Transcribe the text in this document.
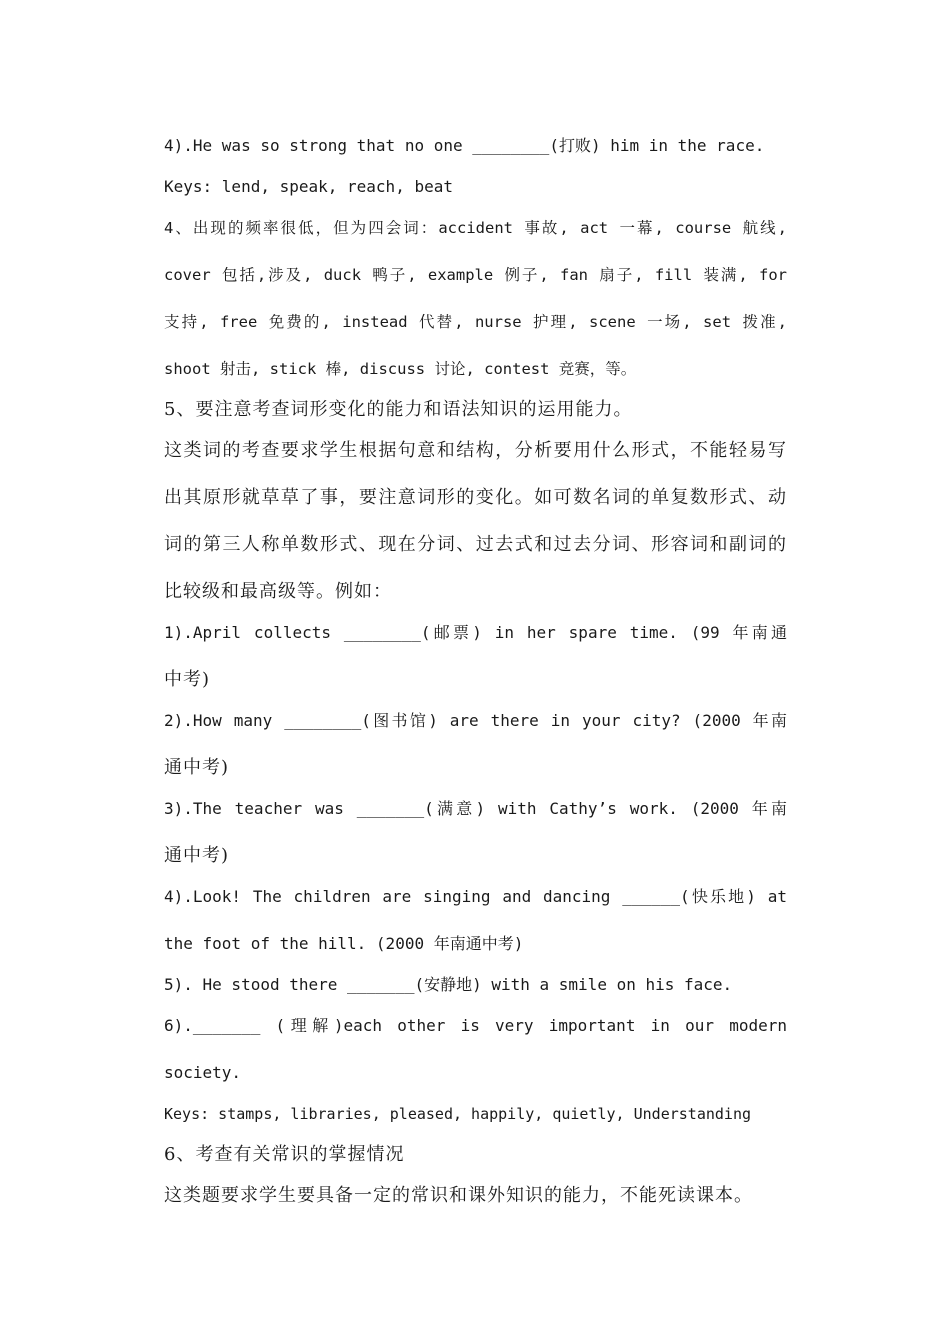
4).He was so strong that no one ________(打败) him in the race.
Keys: lend, speak, reach, beat
4、出现的频率很低，但为四会词：accident 事故, act 一幕, course 航线,
cover 包括,涉及, duck 鸭子, example 例子, fan 扇子, fill 装满, for
支持, free 免费的, instead 代替, nurse 护理, scene 一场, set 拨准,
shoot 射击, stick 棒, discuss 讨论, contest 竞赛，等。
5、要注意考查词形变化的能力和语法知识的运用能力。
这类词的考查要求学生根据句意和结构，分析要用什么形式，不能轻易写
出其原形就草草了事，要注意词形的变化。如可数名词的单复数形式、动
词的第三人称单数形式、现在分词、过去式和过去分词、形容词和副词的
比较级和最高级等。例如：
1).April collects ________(邮票) in her spare time. (99 年南通
中考)
2).How many ________(图书馆) are there in your city? (2000 年南
通中考)
3).The teacher was _______(满意) with Cathy’s work. (2000 年南
通中考)
4).Look! The children are singing and dancing ______(快乐地) at
the foot of the hill. (2000 年南通中考)
5). He stood there _______(安静地) with a smile on his face.
6)._______ (理解)each other is very important in our modern
society.
Keys: stamps, libraries, pleased, happily, quietly, Understanding
6、考查有关常识的掌握情况
这类题要求学生要具备一定的常识和课外知识的能力，不能死读课本。
